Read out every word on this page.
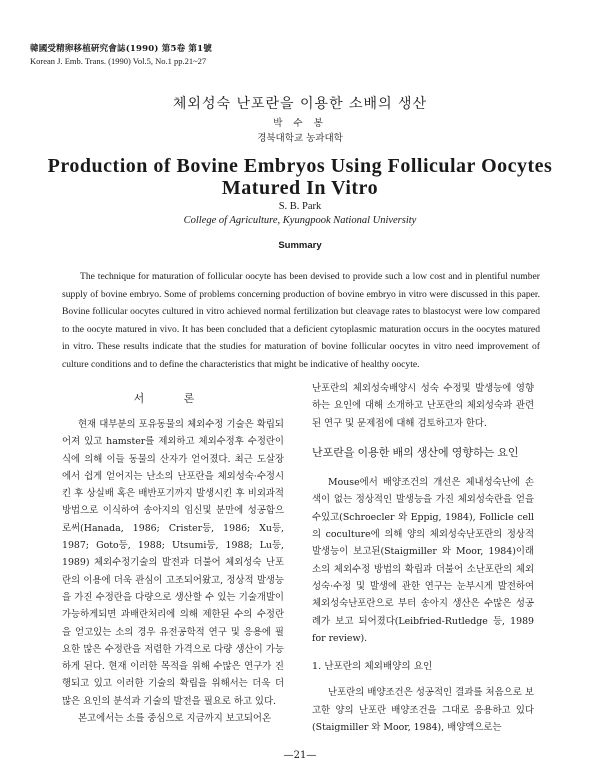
韓國受精卵移植硏究會誌(1990) 第5卷 第1號
Korean J. Emb. Trans. (1990) Vol.5, No.1 pp.21~27
체외성숙 난포란을 이용한 소배의 생산
박 수 봉
경북대학교 농과대학
Production of Bovine Embryos Using Follicular Oocytes Matured In Vitro
S. B. Park
College of Agriculture, Kyungpook National University
Summary
The technique for maturation of follicular oocyte has been devised to provide such a low cost and in plentiful number supply of bovine embryo. Some of problems concerning production of bovine embryo in vitro were discussed in this paper. Bovine follicular oocytes cultured in vitro achieved normal fertilization but cleavage rates to blastocyst were low compared to the oocyte matured in vivo. It has been concluded that a deficient cytoplasmic maturation occurs in the oocytes matured in vitro. These results indicate that the studies for maturation of bovine follicular oocytes in vitro need improvement of culture conditions and to define the characteristics that might be indicative of healthy oocyte.
서 론

현재 대부분의 포유동물의 체외수정 기술은 확립되어져 있고 hamster를 제외하고 체외수정후 수정란이식에 의해 이들 동물의 산자가 얻어졌다. 최근 도살장에서 쉽게 얻어지는 난소의 난포란을 체외성숙·수정시킨 후 상실배 혹은 배반포기까지 발생시킨 후 비외과적 방법으로 이식하여 송아지의 임신및 분만에 성공함으로써(Hanada, 1986; Crister등, 1986; Xu등, 1987; Goto등, 1988; Utsumi등, 1988; Lu등, 1989) 체외수정기술의 발전과 더불어 체외성숙 난포란의 이용에 더욱 관심이 고조되어왔고, 정상적 발생능을 가진 수정란을 다량으로 생산할 수 있는 기술개발이 가능하게되면 과배란처리에 의해 제한된 수의 수정란을 얻고있는 소의 경우 유전공학적 연구 및 응용에 필요한 많은 수정란을 저렴한 가격으로 다량 생산이 가능하게 된다. 현재 이러한 목적을 위해 수많은 연구가 진행되고 있고 이러한 기술의 확립을 위해서는 더욱 더 많은 요인의 분석과 기술의 발전을 필요로 하고 있다.

본고에서는 소를 중심으로 지금까지 보고되어온

난포란의 체외성숙배양시 성숙 수정및 발생능에 영향하는 요인에 대해 소개하고 난포란의 체외성숙과 관련된 연구 및 문제점에 대해 검토하고자 한다.

난포란을 이용한 배의 생산에 영향하는 요인

Mouse에서 배양조건의 개선은 체내성숙난에 손색이 없는 정상적인 발생능을 가진 체외성숙란을 얻을 수있고(Schroecler 와 Eppig, 1984), Follicle cell의 coculture에 의해 양의 체외성숙난포란의 정상적 발생능이 보고된(Staigmiller 와 Moor, 1984)이래 소의 체외수정 방법의 확립과 더불어 소난포란의 체외성숙·수정 및 발생에 관한 연구는 눈부시게 발전하여 체외성숙난포란으로 부터 송아지 생산은 수많은 성공례가 보고 되어졌다(Leibfried-Rutledge 등, 1989 for review).

1. 난포란의 체외배양의 요인

난포란의 배양조건은 성공적인 결과를 처음으로 보고한 양의 난포란 배양조건을 그대로 응용하고 있다(Staigmiller 와 Moor, 1984), 배양액으로는

—21—
